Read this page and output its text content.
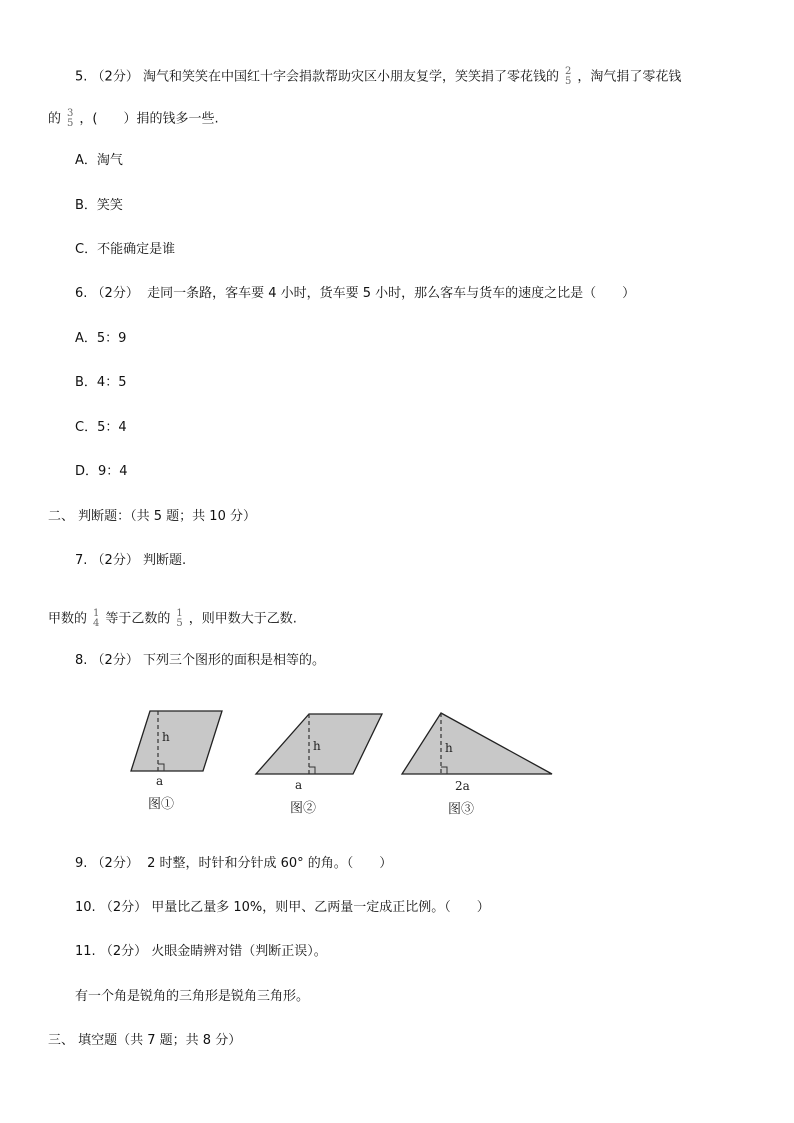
5. （2分） 淘气和笑笑在中国红十字会捐款帮助灾区小朋友复学，笑笑捐了零花钱的 2
5 ，淘气捐了零花钱
的 3
5 ，(　　）捐的钱多一些.
A．淘气
B．笑笑
C．不能确定是谁
6. （2分） 走同一条路，客车要 4 小时，货车要 5 小时，那么客车与货车的速度之比是（　　）
A．5：9
B．4：5
C．5：4
D．9：4
二、 判断题：（共 5 题；共 10 分）
7. （2分） 判断题.
甲数的 1
4 等于乙数的 1
5 ，则甲数大于乙数.
8. （2分） 下列三个图形的面积是相等的。
h
h	h
a	a	2a
图①	图②	图③
9. （2分） 2 时整，时针和分针成 60° 的角。（　　）
10. （2分） 甲量比乙量多 10%，则甲、乙两量一定成正比例。（　　）
11. （2分） 火眼金睛辨对错（判断正误）。
有一个角是锐角的三角形是锐角三角形。
三、 填空题（共 7 题；共 8 分）
